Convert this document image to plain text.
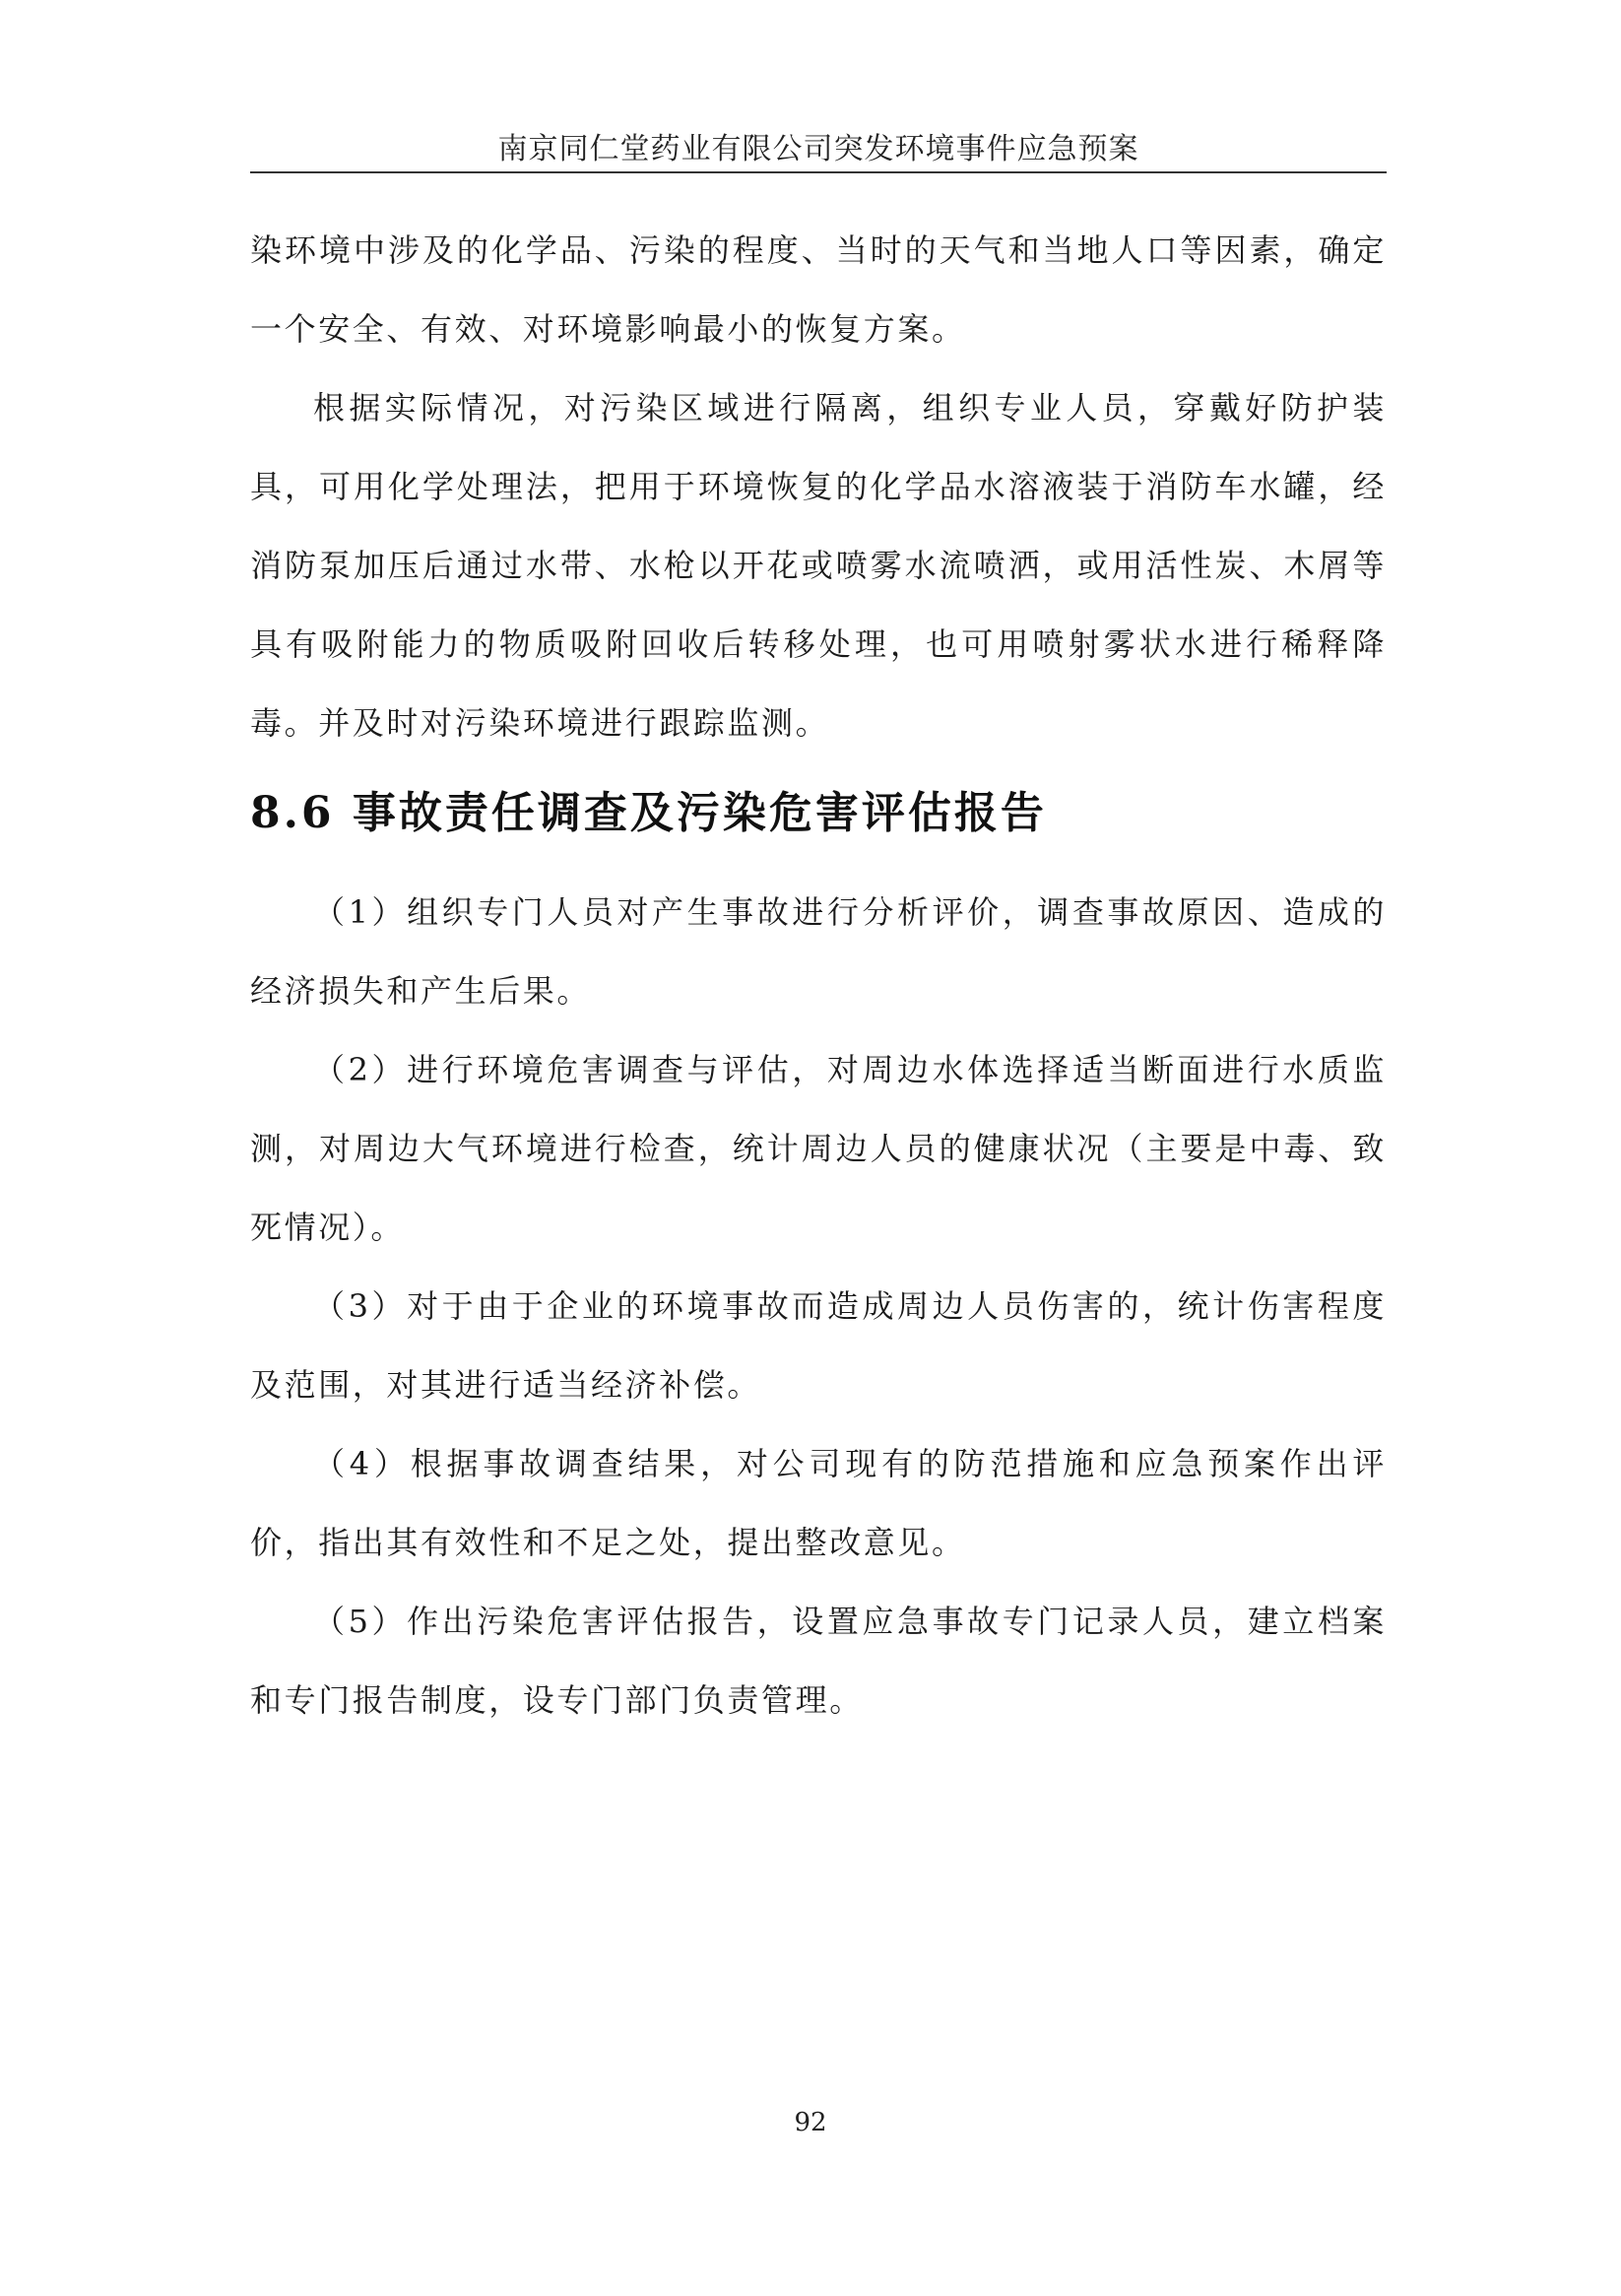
南京同仁堂药业有限公司突发环境事件应急预案

染环境中涉及的化学品、污染的程度、当时的天气和当地人口等因素，确定一个安全、有效、对环境影响最小的恢复方案。

根据实际情况，对污染区域进行隔离，组织专业人员，穿戴好防护装具，可用化学处理法，把用于环境恢复的化学品水溶液装于消防车水罐，经消防泵加压后通过水带、水枪以开花或喷雾水流喷洒，或用活性炭、木屑等具有吸附能力的物质吸附回收后转移处理，也可用喷射雾状水进行稀释降毒。并及时对污染环境进行跟踪监测。

8.6 事故责任调查及污染危害评估报告

（1）组织专门人员对产生事故进行分析评价，调查事故原因、造成的经济损失和产生后果。

（2）进行环境危害调查与评估，对周边水体选择适当断面进行水质监测，对周边大气环境进行检查，统计周边人员的健康状况（主要是中毒、致死情况）。

（3）对于由于企业的环境事故而造成周边人员伤害的，统计伤害程度及范围，对其进行适当经济补偿。

（4）根据事故调查结果，对公司现有的防范措施和应急预案作出评价，指出其有效性和不足之处，提出整改意见。

（5）作出污染危害评估报告，设置应急事故专门记录人员，建立档案和专门报告制度，设专门部门负责管理。

92
